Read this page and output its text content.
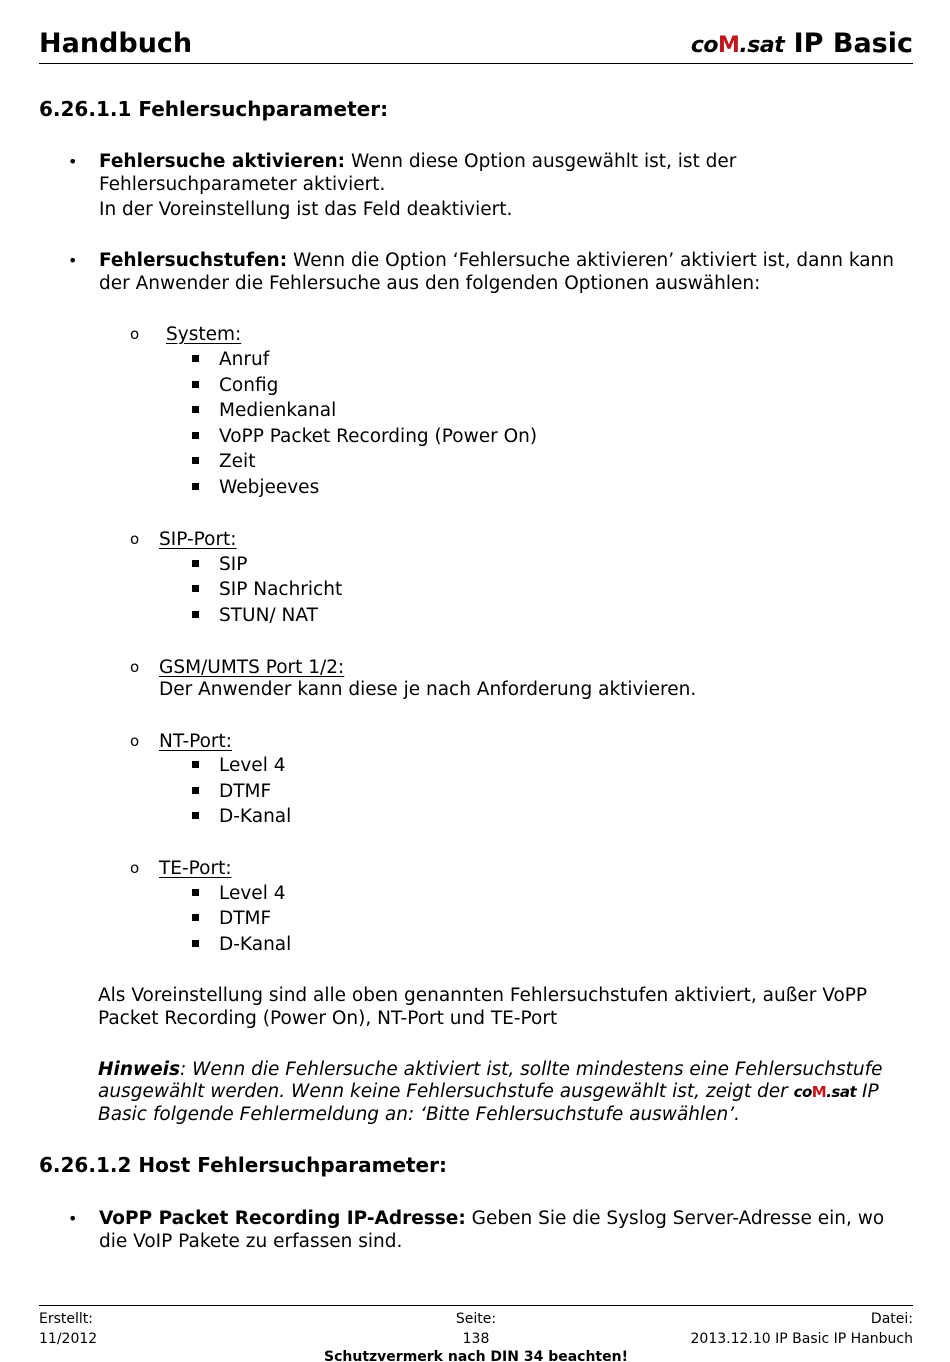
Handbuch	coM.sat IP Basic
6.26.1.1 Fehlersuchparameter:
• Fehlersuche aktivieren: Wenn diese Option ausgewählt ist, ist der
Fehlersuchparameter aktiviert.
In der Voreinstellung ist das Feld deaktiviert.
• Fehlersuchstufen: Wenn die Option ‘Fehlersuche aktivieren’ aktiviert ist, dann kann
der Anwender die Fehlersuche aus den folgenden Optionen auswählen:
o System:
Anruf
Config
Medienkanal
VoPP Packet Recording (Power On)
Zeit
Webjeeves
o SIP-Port:
SIP
SIP Nachricht
STUN/ NAT
o GSM/UMTS Port 1/2:
Der Anwender kann diese je nach Anforderung aktivieren.
o NT-Port:
Level 4
DTMF
D-Kanal
o TE-Port:
Level 4
DTMF
D-Kanal
Als Voreinstellung sind alle oben genannten Fehlersuchstufen aktiviert, außer VoPP
Packet Recording (Power On), NT-Port und TE-Port
Hinweis: Wenn die Fehlersuche aktiviert ist, sollte mindestens eine Fehlersuchstufe
ausgewählt werden. Wenn keine Fehlersuchstufe ausgewählt ist, zeigt der coM.sat IP
Basic folgende Fehlermeldung an: ‘Bitte Fehlersuchstufe auswählen’.
6.26.1.2 Host Fehlersuchparameter:
• VoPP Packet Recording IP-Adresse: Geben Sie die Syslog Server-Adresse ein, wo
die VoIP Pakete zu erfassen sind.
Erstellt:
11/2012
Seite:
138
Datei:
2013.12.10 IP Basic IP Hanbuch
Schutzvermerk nach DIN 34 beachten!
